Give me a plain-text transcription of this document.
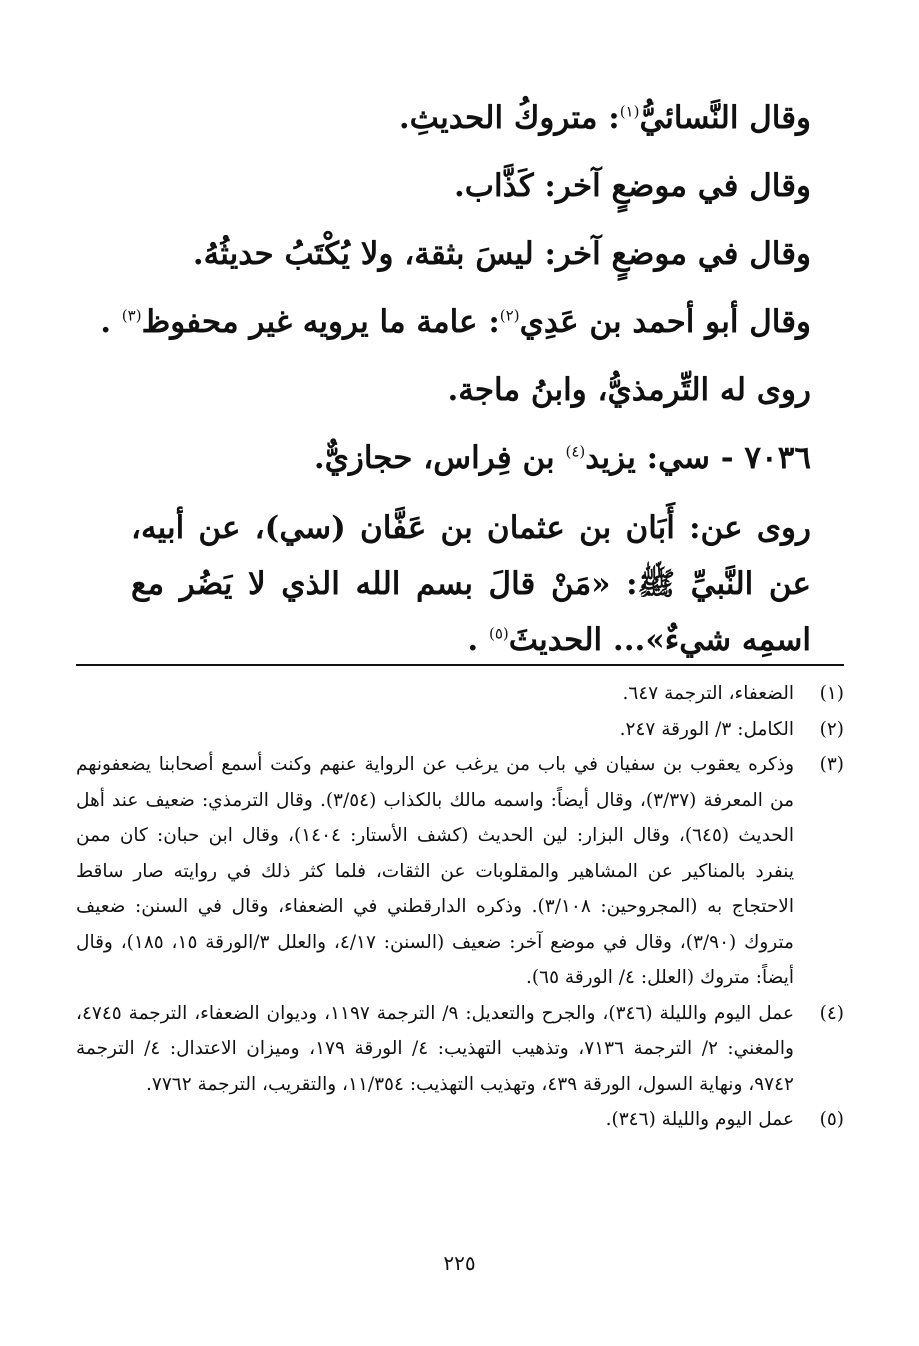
وقال النَّسائيُّ$^{(١)}$: متروكُ الحديثِ.
وقال في موضعٍ آخر: كَذَّاب.
وقال في موضعٍ آخر: ليسَ بثقة، ولا يُكْتَبُ حديثُهُ.
وقال أبو أحمد بن عَدِي$^{(٢)}$: عامة ما يرويه غير محفوظ$^{(٣)}$ .
روى له التِّرمذيُّ، وابنُ ماجة.
٧٠٣٦ - سي: يزيد$^{(٤)}$ بن فِراس، حجازيٌّ.
روى عن: أَبَان بن عثمان بن عَفَّان (سي)، عن أبيه، عن النَّبيِّ ﷺ: «مَنْ قالَ بسم الله الذي لا يَضُر مع اسمِه شيءٌ»... الحديثَ$^{(٥)}$ .
(١)
الضعفاء، الترجمة ٦٤٧.
(٢)
الكامل: ٣/ الورقة ٢٤٧.
(٣)
وذكره يعقوب بن سفيان في باب من يرغب عن الرواية عنهم وكنت أسمع أصحابنا يضعفونهم من المعرفة (٣/٣٧)، وقال أيضاً: واسمه مالك بالكذاب (٣/٥٤). وقال الترمذي: ضعيف عند أهل الحديث (٦٤٥)، وقال البزار: لين الحديث (كشف الأستار: ١٤٠٤)، وقال ابن حبان: كان ممن ينفرد بالمناكير عن المشاهير والمقلوبات عن الثقات، فلما كثر ذلك في روايته صار ساقط الاحتجاج به (المجروحين: ٣/١٠٨). وذكره الدارقطني في الضعفاء، وقال في السنن: ضعيف متروك (٣/٩٠)، وقال في موضع آخر: ضعيف (السنن: ٤/١٧، والعلل ٣/الورقة ١٥، ١٨٥)، وقال أيضاً: متروك (العلل: ٤/ الورقة ٦٥).
(٤)
عمل اليوم والليلة (٣٤٦)، والجرح والتعديل: ٩/ الترجمة ١١٩٧، وديوان الضعفاء، الترجمة ٤٧٤٥، والمغني: ٢/ الترجمة ٧١٣٦، وتذهيب التهذيب: ٤/ الورقة ١٧٩، وميزان الاعتدال: ٤/ الترجمة ٩٧٤٢، ونهاية السول، الورقة ٤٣٩، وتهذيب التهذيب: ١١/٣٥٤، والتقريب، الترجمة ٧٧٦٢.
(٥)
عمل اليوم والليلة (٣٤٦).
٢٢٥
